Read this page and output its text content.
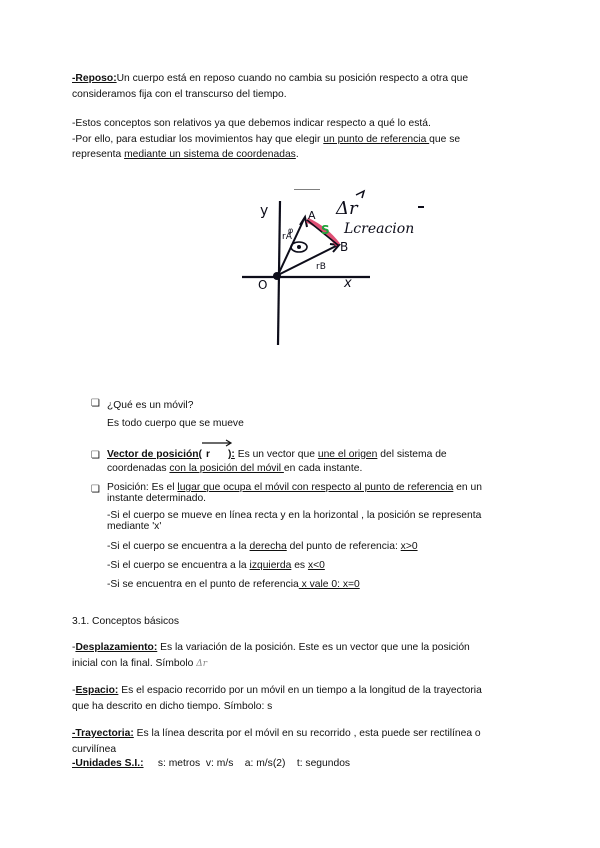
-Reposo:Un cuerpo está en reposo cuando no cambia su posición respecto a otra que
consideramos fija con el transcurso del tiempo.
-Estos conceptos son relativos ya que debemos indicar respecto a qué lo está.
-Por ello, para estudiar los movimientos hay que elegir un punto de referencia que se
representa mediante un sistema de coordenadas.
y
x
O
A
B
S
rA
rB
φ
Δr
Lcreacion
❏ ¿Qué es un móvil?
Es todo cuerpo que se mueve
❏ Vector de posición( r ): Es un vector que une el origen del sistema de
coordenadas con la posición del móvil en cada instante.
❏ Posición: Es el lugar que ocupa el móvil con respecto al punto de referencia en un
instante determinado.
-Si el cuerpo se mueve en línea recta y en la horizontal , la posición se representa
mediante 'x'
-Si el cuerpo se encuentra a la derecha del punto de referencia: x>0
-Si el cuerpo se encuentra a la izquierda es x<0
-Si se encuentra en el punto de referencia x vale 0: x=0
3.1. Conceptos básicos
-Desplazamiento: Es la variación de la posición. Este es un vector que une la posición
inicial con la final. Símbolo Δr
-Espacio: Es el espacio recorrido por un móvil en un tiempo a la longitud de la trayectoria
que ha descrito en dicho tiempo. Símbolo: s
-Trayectoria: Es la línea descrita por el móvil en su recorrido , esta puede ser rectilínea o
curvilínea
-Unidades S.I.:     s: metros  v: m/s    a: m/s(2)    t: segundos
